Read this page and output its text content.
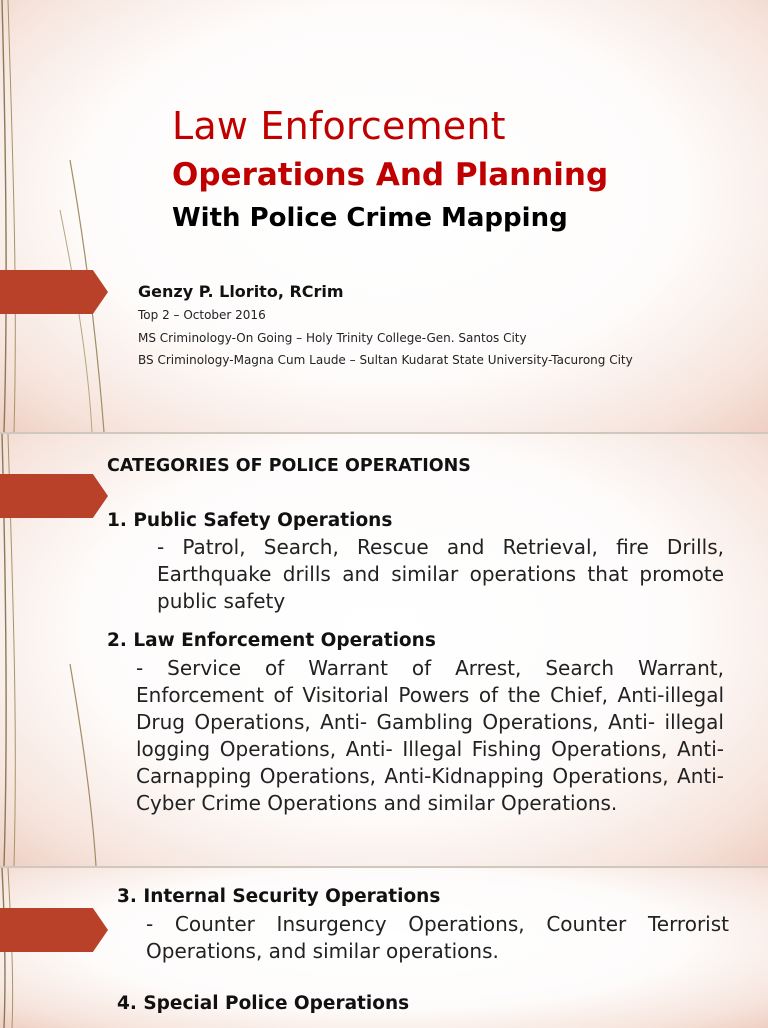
Law Enforcement
Operations And Planning
With Police Crime Mapping
Genzy P. Llorito, RCrim
Top 2 – October 2016
MS Criminology-On Going – Holy Trinity College-Gen. Santos City
BS Criminology-Magna Cum Laude – Sultan Kudarat State University-Tacurong City
CATEGORIES OF POLICE OPERATIONS
1. Public Safety Operations
- Patrol, Search, Rescue and Retrieval, fire Drills, Earthquake drills and similar operations that promote public safety
2. Law Enforcement Operations
- Service of Warrant of Arrest, Search Warrant, Enforcement of Visitorial Powers of the Chief, Anti-illegal Drug Operations, Anti- Gambling Operations, Anti- illegal logging Operations, Anti- Illegal Fishing Operations, Anti- Carnapping Operations, Anti-Kidnapping Operations, Anti- Cyber Crime Operations and similar Operations.
3. Internal Security Operations
- Counter Insurgency Operations, Counter Terrorist Operations, and similar operations.
4. Special Police Operations
